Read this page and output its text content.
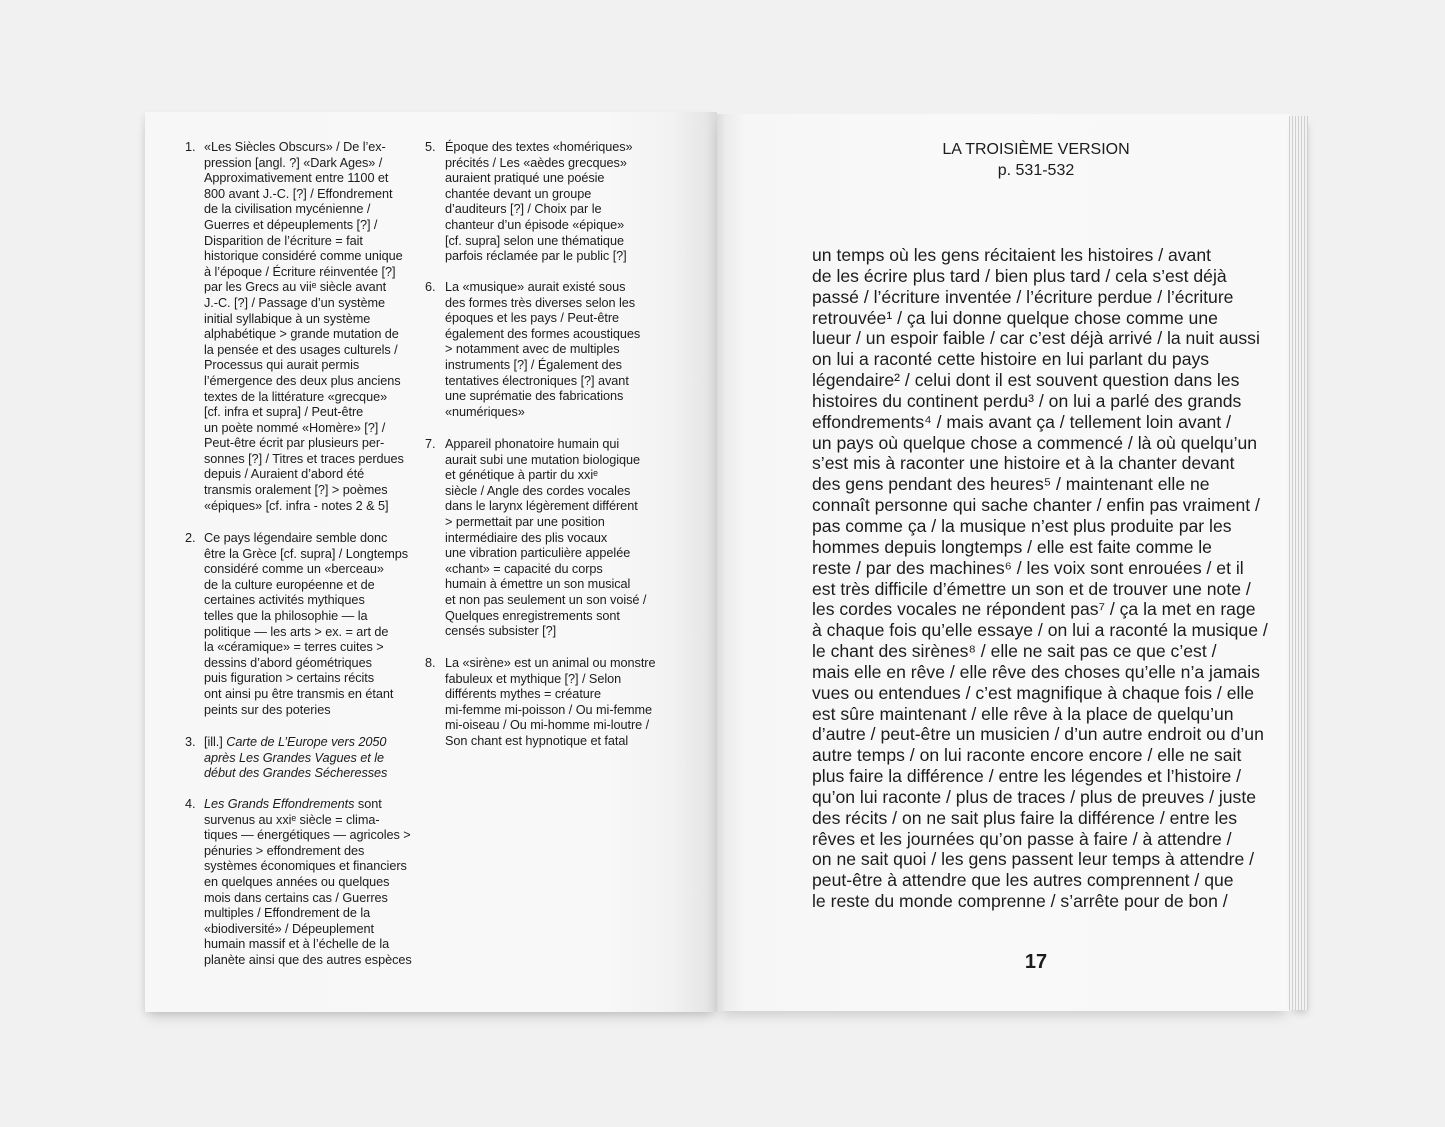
1. «Les Siècles Obscurs» / De l’ex-
pression [angl. ?] «Dark Ages» /
Approximativement entre 1100 et
800 avant J.-C. [?] / Effondrement
de la civilisation mycénienne /
Guerres et dépeuplements [?] /
Disparition de l’écriture = fait
historique considéré comme unique
à l’époque / Écriture réinventée [?]
par les Grecs au viiᵉ siècle avant
J.-C. [?] / Passage d’un système
initial syllabique à un système
alphabétique > grande mutation de
la pensée et des usages culturels /
Processus qui aurait permis
l’émergence des deux plus anciens
textes de la littérature «grecque»
[cf. infra et supra] / Peut-être
un poète nommé «Homère» [?] /
Peut-être écrit par plusieurs per-
sonnes [?] / Titres et traces perdues
depuis / Auraient d’abord été
transmis oralement [?] > poèmes
«épiques» [cf. infra - notes 2 & 5]
2. Ce pays légendaire semble donc
être la Grèce [cf. supra] / Longtemps
considéré comme un «berceau»
de la culture européenne et de
certaines activités mythiques
telles que la philosophie — la
politique — les arts > ex. = art de
la «céramique» = terres cuites >
dessins d’abord géométriques
puis figuration > certains récits
ont ainsi pu être transmis en étant
peints sur des poteries
3. [ill.] Carte de L’Europe vers 2050
après Les Grandes Vagues et le
début des Grandes Sécheresses
4. Les Grands Effondrements sont
survenus au xxiᵉ siècle = clima-
tiques — énergétiques — agricoles >
pénuries > effondrement des
systèmes économiques et financiers
en quelques années ou quelques
mois dans certains cas / Guerres
multiples / Effondrement de la
«biodiversité» / Dépeuplement
humain massif et à l’échelle de la
planète ainsi que des autres espèces
5. Époque des textes «homériques»
précités / Les «aèdes grecques»
auraient pratiqué une poésie
chantée devant un groupe
d’auditeurs [?] / Choix par le
chanteur d’un épisode «épique»
[cf. supra] selon une thématique
parfois réclamée par le public [?]
6. La «musique» aurait existé sous
des formes très diverses selon les
époques et les pays / Peut-être
également des formes acoustiques
> notamment avec de multiples
instruments [?] / Également des
tentatives électroniques [?] avant
une suprématie des fabrications
«numériques»
7. Appareil phonatoire humain qui
aurait subi une mutation biologique
et génétique à partir du xxiᵉ
siècle / Angle des cordes vocales
dans le larynx légèrement différent
> permettait par une position
intermédiaire des plis vocaux
une vibration particulière appelée
«chant» = capacité du corps
humain à émettre un son musical
et non pas seulement un son voisé /
Quelques enregistrements sont
censés subsister [?]
8. La «sirène» est un animal ou monstre
fabuleux et mythique [?] / Selon
différents mythes = créature
mi-femme mi-poisson / Ou mi-femme
mi-oiseau / Ou mi-homme mi-loutre /
Son chant est hypnotique et fatal
LA TROISIÈME VERSION
p. 531-532
un temps où les gens récitaient les histoires / avant
de les écrire plus tard / bien plus tard / cela s’est déjà
passé / l’écriture inventée / l’écriture perdue / l’écriture
retrouvée¹ / ça lui donne quelque chose comme une
lueur / un espoir faible / car c’est déjà arrivé / la nuit aussi
on lui a raconté cette histoire en lui parlant du pays
légendaire² / celui dont il est souvent question dans les
histoires du continent perdu³ / on lui a parlé des grands
effondrements⁴ / mais avant ça / tellement loin avant /
un pays où quelque chose a commencé / là où quelqu’un
s’est mis à raconter une histoire et à la chanter devant
des gens pendant des heures⁵ / maintenant elle ne
connaît personne qui sache chanter / enfin pas vraiment /
pas comme ça / la musique n’est plus produite par les
hommes depuis longtemps / elle est faite comme le
reste / par des machines⁶ / les voix sont enrouées / et il
est très difficile d’émettre un son et de trouver une note /
les cordes vocales ne répondent pas⁷ / ça la met en rage
à chaque fois qu’elle essaye / on lui a raconté la musique /
le chant des sirènes⁸ / elle ne sait pas ce que c’est /
mais elle en rêve / elle rêve des choses qu’elle n’a jamais
vues ou entendues / c’est magnifique à chaque fois / elle
est sûre maintenant / elle rêve à la place de quelqu’un
d’autre / peut-être un musicien / d’un autre endroit ou d’un
autre temps / on lui raconte encore encore / elle ne sait
plus faire la différence / entre les légendes et l’histoire /
qu’on lui raconte / plus de traces / plus de preuves / juste
des récits / on ne sait plus faire la différence / entre les
rêves et les journées qu’on passe à faire / à attendre /
on ne sait quoi / les gens passent leur temps à attendre /
peut-être à attendre que les autres comprennent / que
le reste du monde comprenne / s’arrête pour de bon /
17
